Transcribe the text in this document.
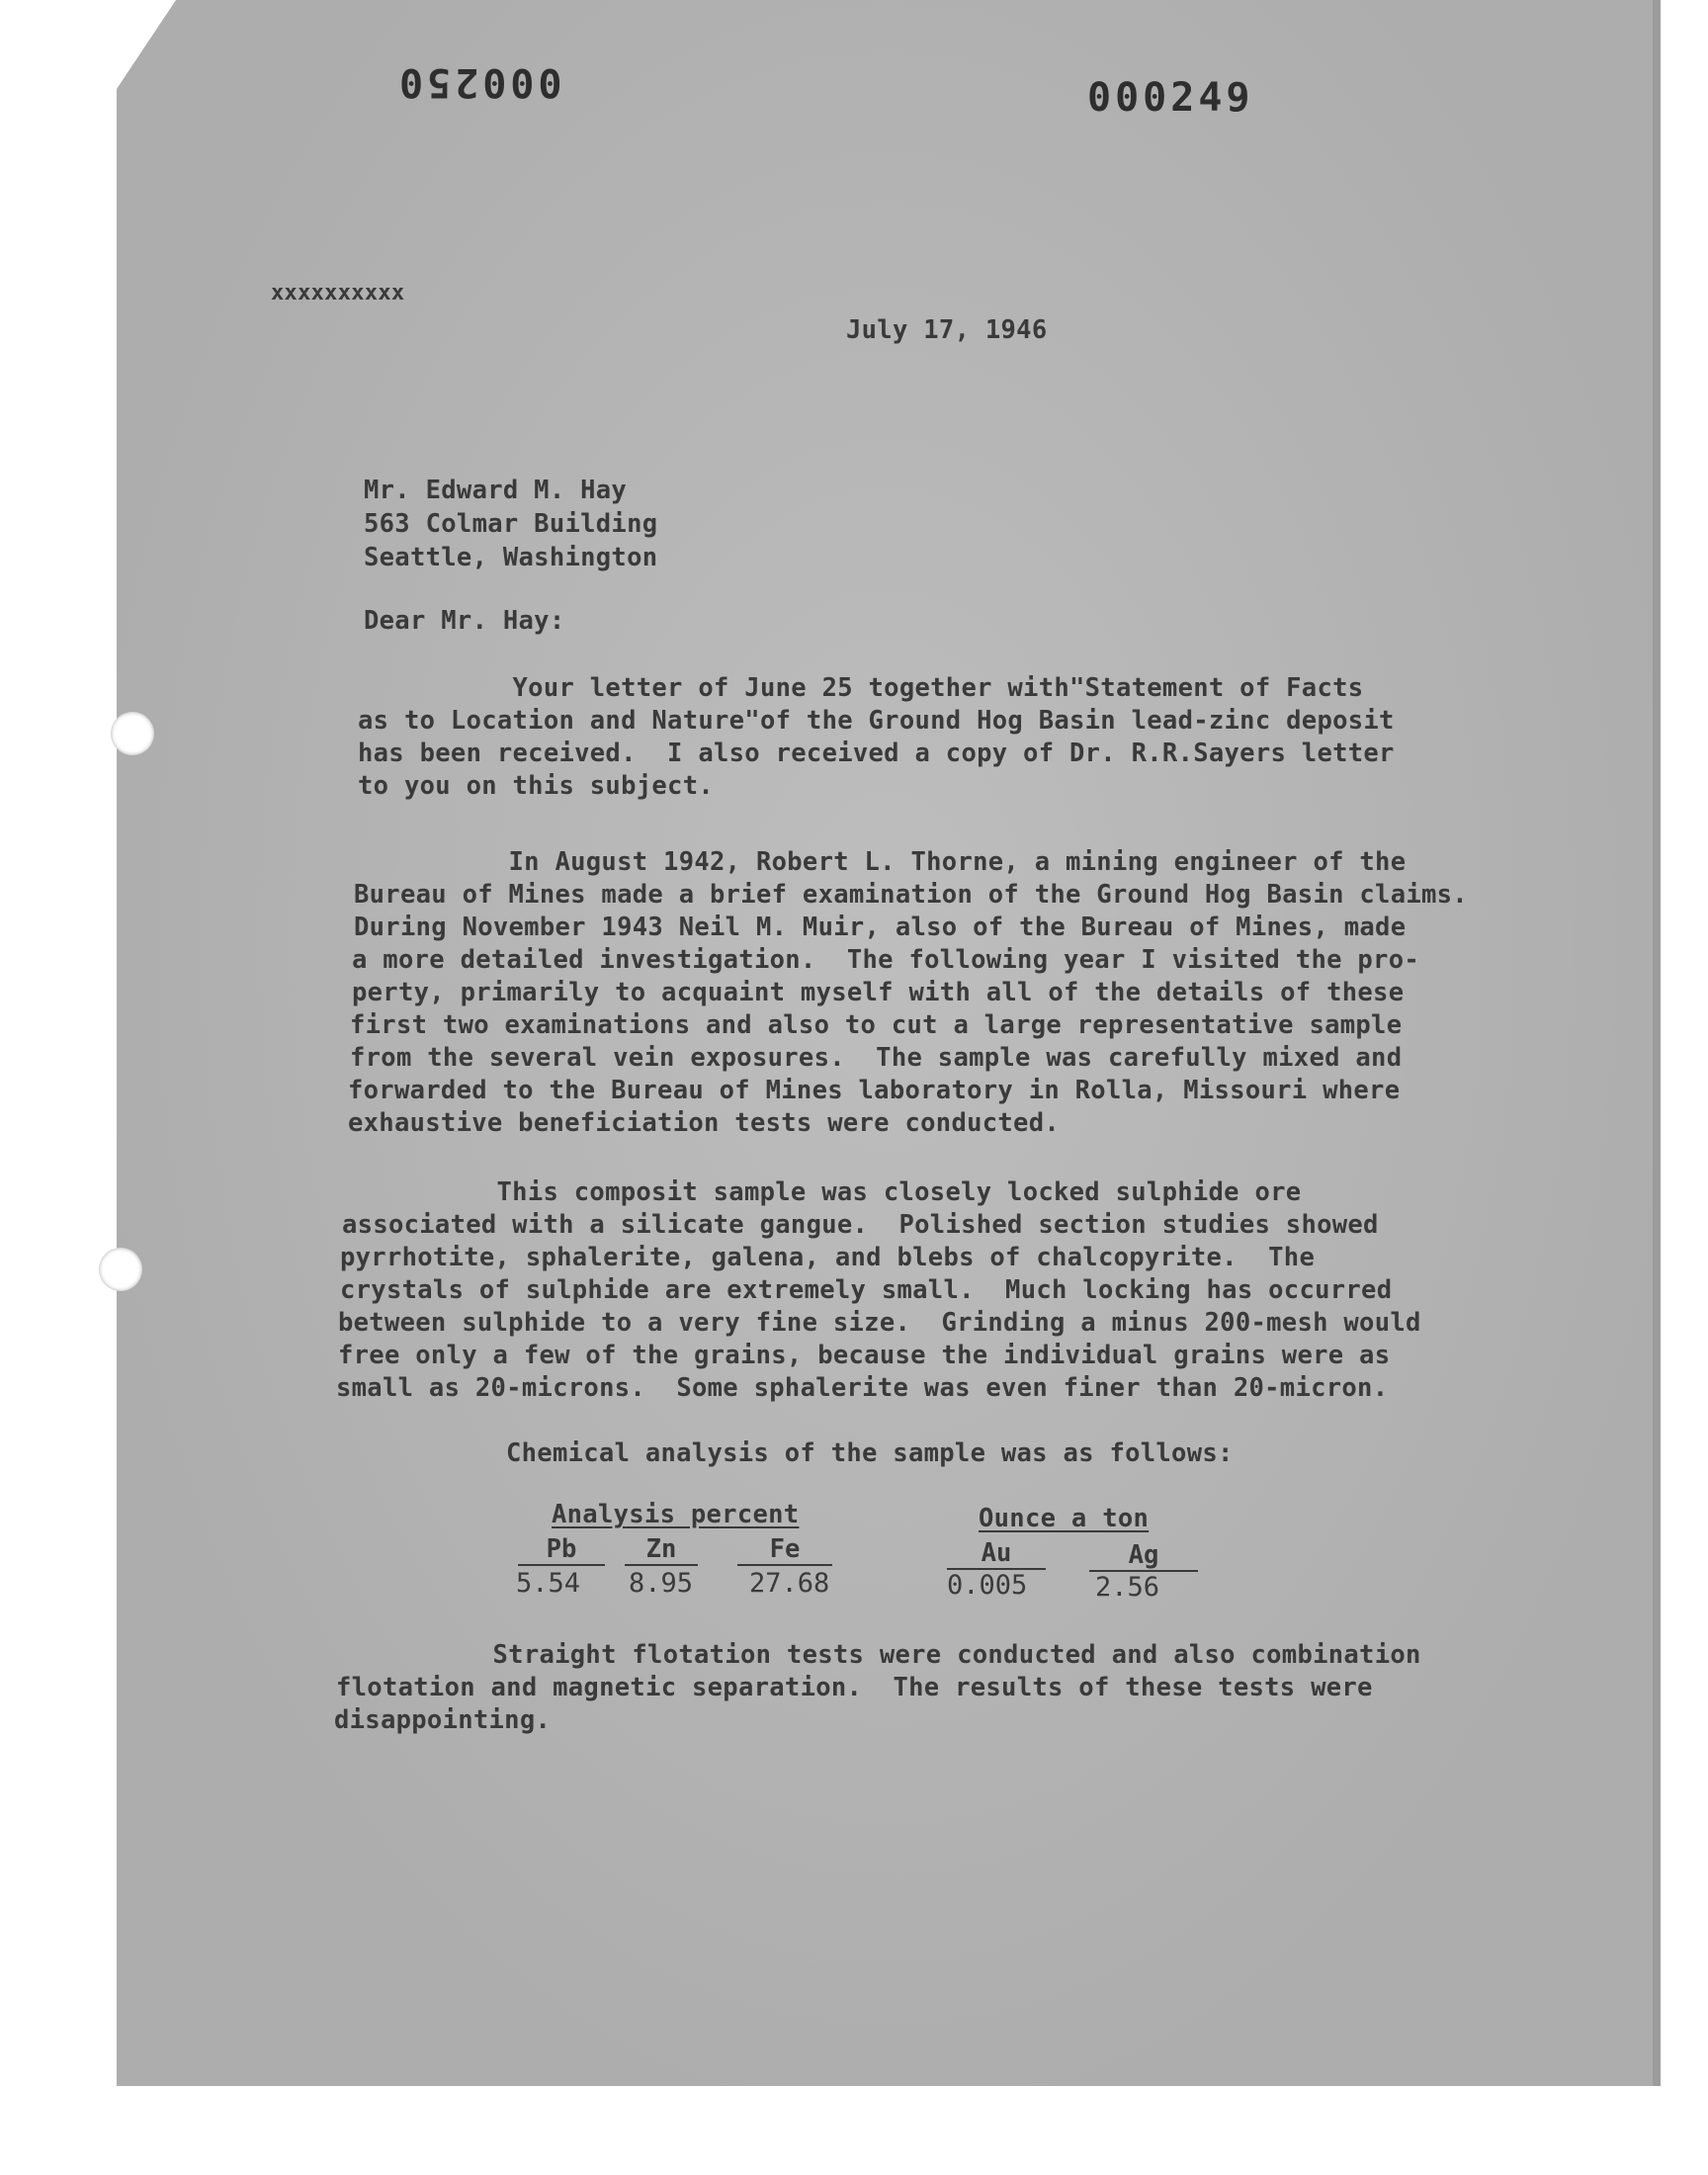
000250	000249
xxxxxxxxxx
July 17, 1946
Mr. Edward M. Hay
563 Colmar Building
Seattle, Washington
Dear Mr. Hay:
Your letter of June 25 together with"Statement of Facts
as to Location and Nature"of the Ground Hog Basin lead-zinc deposit
has been received.  I also received a copy of Dr. R.R.Sayers letter
to you on this subject.
In August 1942, Robert L. Thorne, a mining engineer of the
Bureau of Mines made a brief examination of the Ground Hog Basin claims.
During November 1943 Neil M. Muir, also of the Bureau of Mines, made
a more detailed investigation.  The following year I visited the pro-
perty, primarily to acquaint myself with all of the details of these
first two examinations and also to cut a large representative sample
from the several vein exposures.  The sample was carefully mixed and
forwarded to the Bureau of Mines laboratory in Rolla, Missouri where
exhaustive beneficiation tests were conducted.
This composit sample was closely locked sulphide ore
associated with a silicate gangue.  Polished section studies showed
pyrrhotite, sphalerite, galena, and blebs of chalcopyrite.  The
crystals of sulphide are extremely small.  Much locking has occurred
between sulphide to a very fine size.  Grinding a minus 200-mesh would
free only a few of the grains, because the individual grains were as
small as 20-microns.  Some sphalerite was even finer than 20-micron.
Chemical analysis of the sample was as follows:
Analysis percent	Ounce a ton
Pb	Zn	Fe	Au	Ag
5.54 8.95 27.68	0.005	2.56
Straight flotation tests were conducted and also combination
flotation and magnetic separation.  The results of these tests were
disappointing.
